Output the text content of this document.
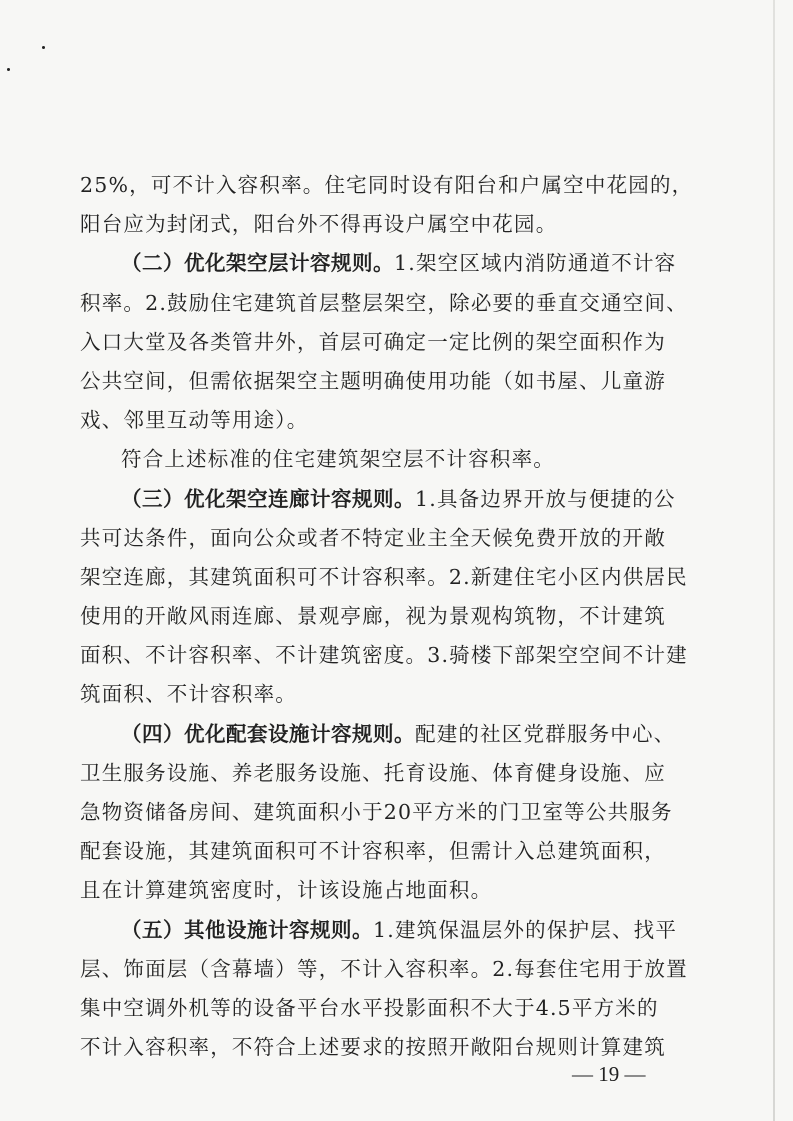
25%，可不计入容积率。住宅同时设有阳台和户属空中花园的，
阳台应为封闭式，阳台外不得再设户属空中花园。
（二）优化架空层计容规则。1.架空区域内消防通道不计容
积率。2.鼓励住宅建筑首层整层架空，除必要的垂直交通空间、
入口大堂及各类管井外，首层可确定一定比例的架空面积作为
公共空间，但需依据架空主题明确使用功能（如书屋、儿童游
戏、邻里互动等用途）。
符合上述标准的住宅建筑架空层不计容积率。
（三）优化架空连廊计容规则。1.具备边界开放与便捷的公
共可达条件，面向公众或者不特定业主全天候免费开放的开敞
架空连廊，其建筑面积可不计容积率。2.新建住宅小区内供居民
使用的开敞风雨连廊、景观亭廊，视为景观构筑物，不计建筑
面积、不计容积率、不计建筑密度。3.骑楼下部架空空间不计建
筑面积、不计容积率。
（四）优化配套设施计容规则。配建的社区党群服务中心、
卫生服务设施、养老服务设施、托育设施、体育健身设施、应
急物资储备房间、建筑面积小于20平方米的门卫室等公共服务
配套设施，其建筑面积可不计容积率，但需计入总建筑面积，
且在计算建筑密度时，计该设施占地面积。
（五）其他设施计容规则。1.建筑保温层外的保护层、找平
层、饰面层（含幕墙）等，不计入容积率。2.每套住宅用于放置
集中空调外机等的设备平台水平投影面积不大于4.5平方米的
不计入容积率，不符合上述要求的按照开敞阳台规则计算建筑
— 19 —
